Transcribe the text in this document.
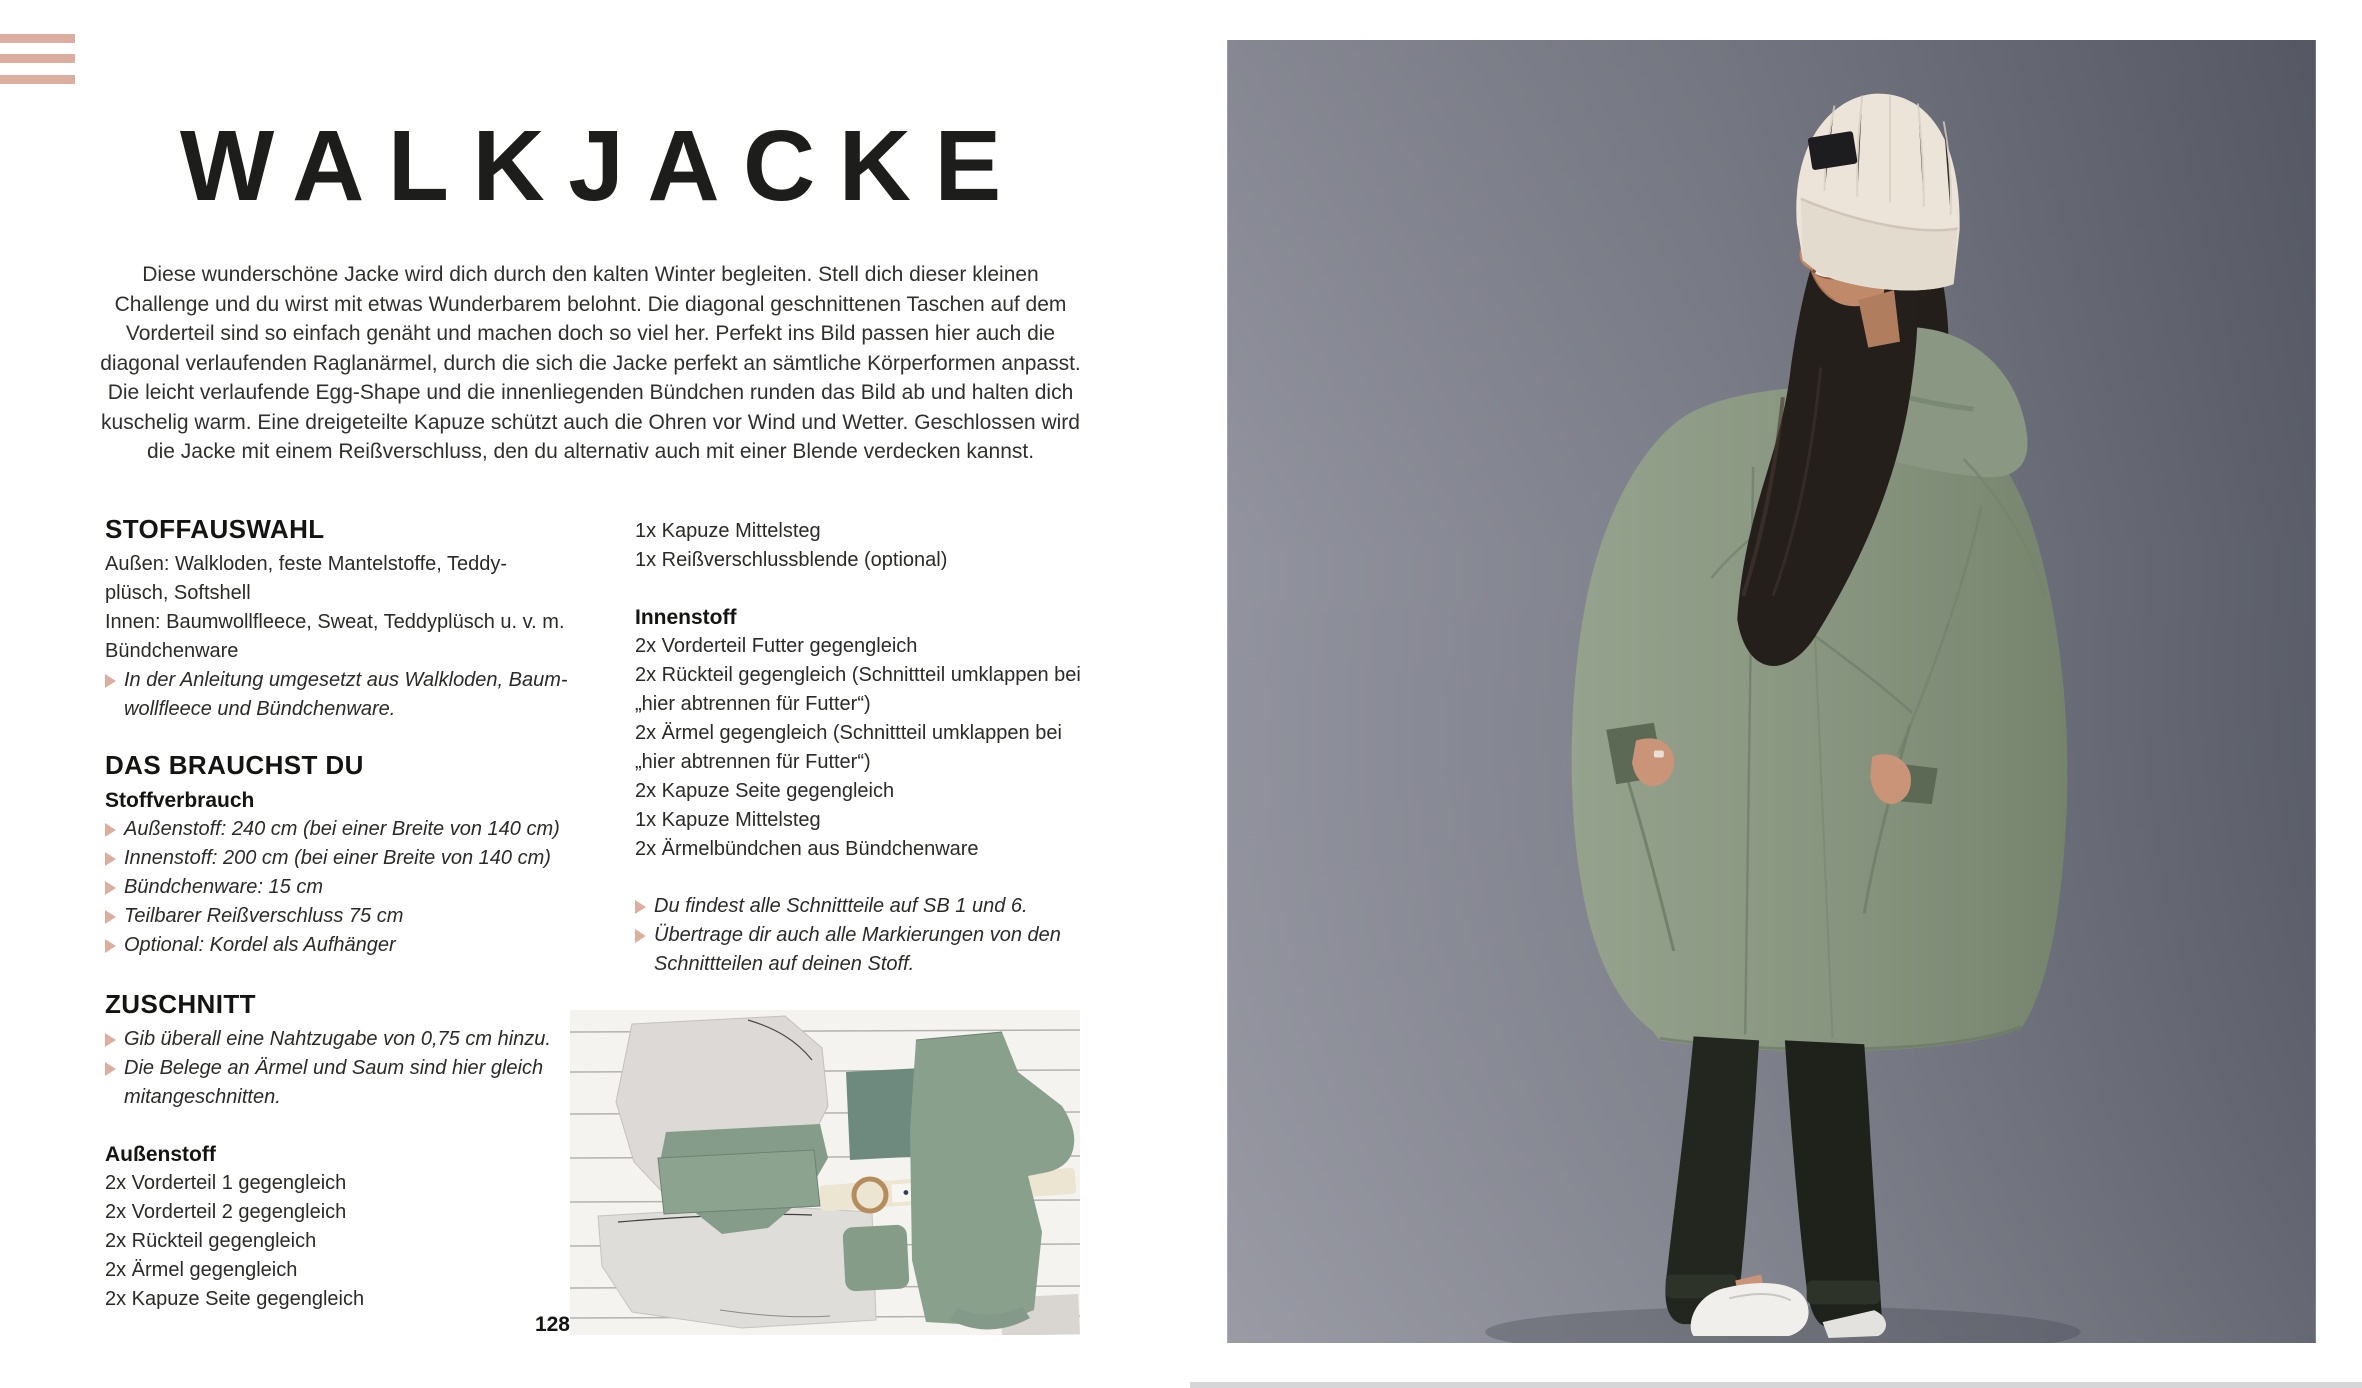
WALKJACKE
Diese wunderschöne Jacke wird dich durch den kalten Winter begleiten. Stell dich dieser kleinen
Challenge und du wirst mit etwas Wunderbarem belohnt. Die diagonal geschnittenen Taschen auf dem
Vorderteil sind so einfach genäht und machen doch so viel her. Perfekt ins Bild passen hier auch die
diagonal verlaufenden Raglanärmel, durch die sich die Jacke perfekt an sämtliche Körperformen anpasst.
Die leicht verlaufende Egg-Shape und die innenliegenden Bündchen runden das Bild ab und halten dich
kuschelig warm. Eine dreigeteilte Kapuze schützt auch die Ohren vor Wind und Wetter. Geschlossen wird
die Jacke mit einem Reißverschluss, den du alternativ auch mit einer Blende verdecken kannst.
STOFFAUSWAHL
Außen: Walkloden, feste Mantelstoffe, Teddy-
plüsch, Softshell
Innen: Baumwollfleece, Sweat, Teddyplüsch u. v. m.
Bündchenware
In der Anleitung umgesetzt aus Walkloden, Baum-
wollfleece und Bündchenware.
DAS BRAUCHST DU
Stoffverbrauch
Außenstoff: 240 cm (bei einer Breite von 140 cm)
Innenstoff: 200 cm (bei einer Breite von 140 cm)
Bündchenware: 15 cm
Teilbarer Reißverschluss 75 cm
Optional: Kordel als Aufhänger
ZUSCHNITT
Gib überall eine Nahtzugabe von 0,75 cm hinzu.
Die Belege an Ärmel und Saum sind hier gleich mitangeschnitten.
Außenstoff
2x Vorderteil 1 gegengleich
2x Vorderteil 2 gegengleich
2x Rückteil gegengleich
2x Ärmel gegengleich
2x Kapuze Seite gegengleich
1x Kapuze Mittelsteg
1x Reißverschlussblende (optional)
Innenstoff
2x Vorderteil Futter gegengleich
2x Rückteil gegengleich (Schnittteil umklappen bei „hier abtrennen für Futter“)
2x Ärmel gegengleich (Schnittteil umklappen bei „hier abtrennen für Futter“)
2x Kapuze Seite gegengleich
1x Kapuze Mittelsteg
2x Ärmelbündchen aus Bündchenware
Du findest alle Schnittteile auf SB 1 und 6.
Übertrage dir auch alle Markierungen von den Schnittteilen auf deinen Stoff.
128
